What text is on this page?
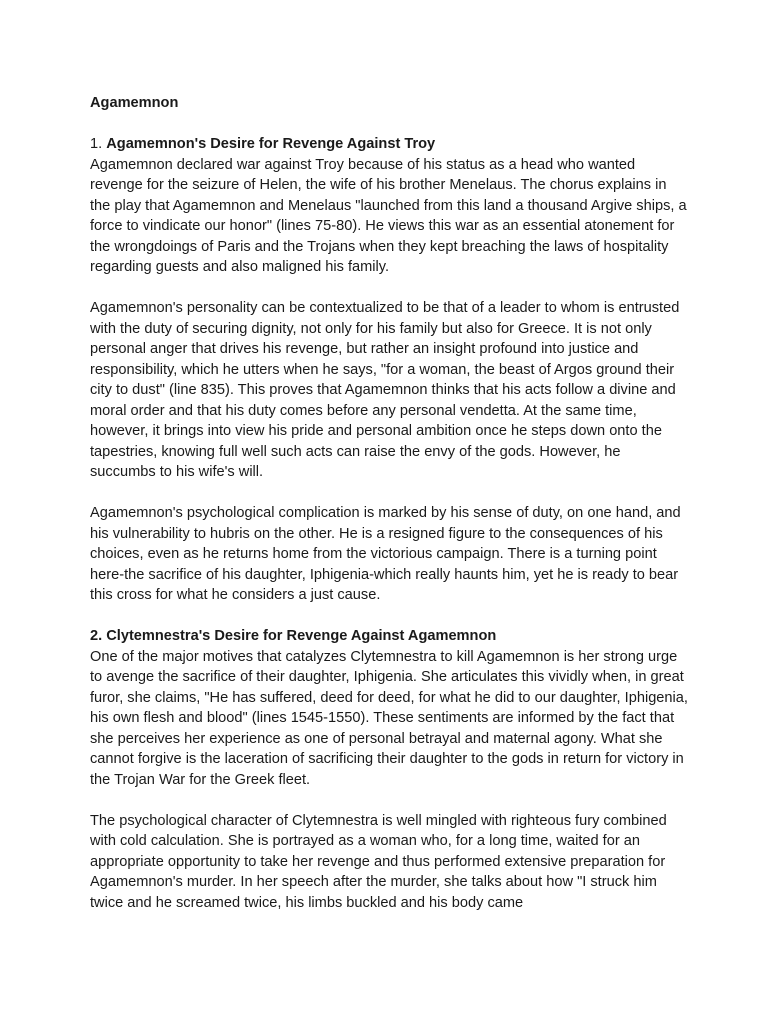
Agamemnon
1. Agamemnon's Desire for Revenge Against Troy

Agamemnon declared war against Troy because of his status as a head who wanted revenge for the seizure of Helen, the wife of his brother Menelaus. The chorus explains in the play that Agamemnon and Menelaus "launched from this land a thousand Argive ships, a force to vindicate our honor" (lines 75-80). He views this war as an essential atonement for the wrongdoings of Paris and the Trojans when they kept breaching the laws of hospitality regarding guests and also maligned his family.

Agamemnon's personality can be contextualized to be that of a leader to whom is entrusted with the duty of securing dignity, not only for his family but also for Greece. It is not only personal anger that drives his revenge, but rather an insight profound into justice and responsibility, which he utters when he says, "for a woman, the beast of Argos ground their city to dust" (line 835). This proves that Agamemnon thinks that his acts follow a divine and moral order and that his duty comes before any personal vendetta. At the same time, however, it brings into view his pride and personal ambition once he steps down onto the tapestries, knowing full well such acts can raise the envy of the gods. However, he succumbs to his wife's will.

Agamemnon's psychological complication is marked by his sense of duty, on one hand, and his vulnerability to hubris on the other. He is a resigned figure to the consequences of his choices, even as he returns home from the victorious campaign. There is a turning point here-the sacrifice of his daughter, Iphigenia-which really haunts him, yet he is ready to bear this cross for what he considers a just cause.

2. Clytemnestra's Desire for Revenge Against Agamemnon

One of the major motives that catalyzes Clytemnestra to kill Agamemnon is her strong urge to avenge the sacrifice of their daughter, Iphigenia. She articulates this vividly when, in great furor, she claims, "He has suffered, deed for deed, for what he did to our daughter, Iphigenia, his own flesh and blood" (lines 1545-1550). These sentiments are informed by the fact that she perceives her experience as one of personal betrayal and maternal agony. What she cannot forgive is the laceration of sacrificing their daughter to the gods in return for victory in the Trojan War for the Greek fleet.

The psychological character of Clytemnestra is well mingled with righteous fury combined with cold calculation. She is portrayed as a woman who, for a long time, waited for an appropriate opportunity to take her revenge and thus performed extensive preparation for Agamemnon's murder. In her speech after the murder, she talks about how "I struck him twice and he screamed twice, his limbs buckled and his body came
